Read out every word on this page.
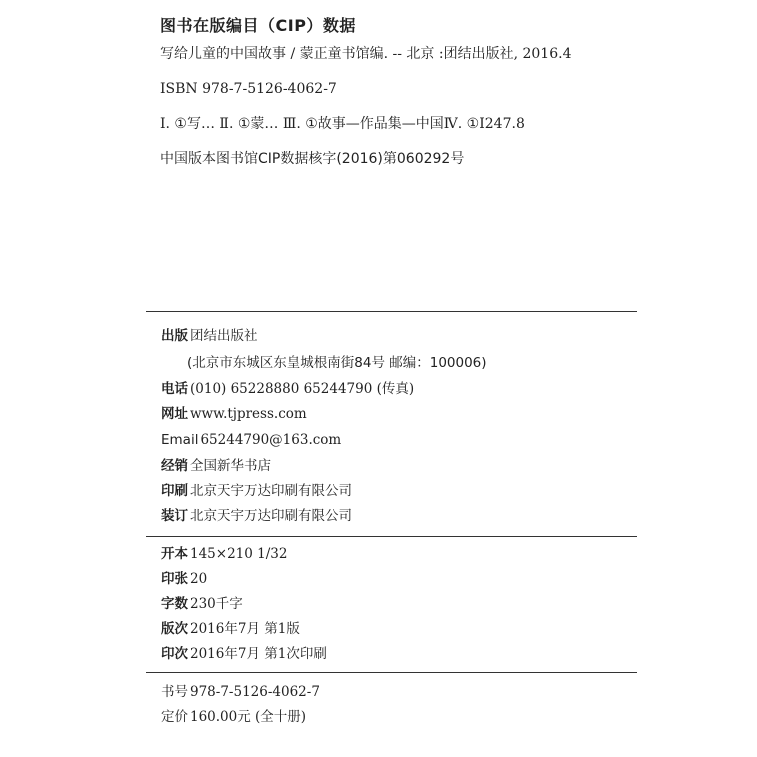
图书在版编目（CIP）数据
写给儿童的中国故事 / 蒙正童书馆编. -- 北京 :团结出版社, 2016.4
ISBN 978-7-5126-4062-7
Ⅰ. ①写… Ⅱ. ①蒙… Ⅲ. ①故事—作品集—中国Ⅳ. ①I247.8
中国版本图书馆CIP数据核字(2016)第060292号
出版 团结出版社
(北京市东城区东皇城根南街84号 邮编：100006)
电话 (010) 65228880 65244790 (传真)
网址 www.tjpress.com
Email 65244790@163.com
经销 全国新华书店
印刷 北京天宇万达印刷有限公司
装订 北京天宇万达印刷有限公司
开本 145×210 1/32
印张 20
字数 230千字
版次 2016年7月 第1版
印次 2016年7月 第1次印刷
书号 978-7-5126-4062-7
定价 160.00元 (全十册)
